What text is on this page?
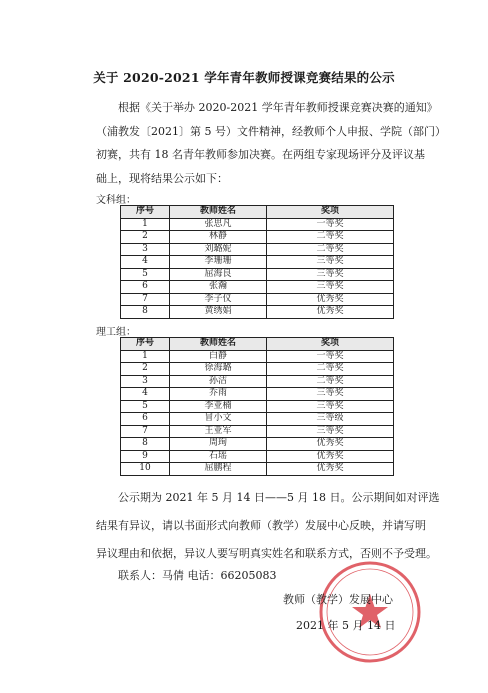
关于 2020-2021 学年青年教师授课竞赛结果的公示
根据《关于举办 2020-2021 学年青年教师授课竞赛决赛的通知》
（浦教发〔2021〕第 5 号）文件精神，经教师个人申报、学院（部门）
初赛，共有 18 名青年教师参加决赛。在两组专家现场评分及评议基
础上，现将结果公示如下：
文科组：
序号	教师姓名	奖项
1	张思凡	一等奖
2	林静	二等奖
3	刘璐妮	二等奖
4	李珊珊	三等奖
5	屈海良	三等奖
6	张瀚	三等奖
7	李子仪	优秀奖
8	黄绣娟	优秀奖
理工组：
序号	教师姓名	奖项
1	白静	一等奖
2	徐海璐	二等奖
3	孙洁	二等奖
4	乔雨	三等奖
5	李亚楠	三等奖
6	冒小文	三等级
7	王亚军	三等奖
8	周珣	优秀奖
9	石瑶	优秀奖
10	屈鹏程	优秀奖
公示期为 2021 年 5 月 14 日——5 月 18 日。公示期间如对评选
结果有异议，请以书面形式向教师（教学）发展中心反映，并请写明
异议理由和依据，异议人要写明真实姓名和联系方式，否则不予受理。
联系人：马倩 电话：66205083
教师（教学）发展中心
2021 年 5 月 14 日
